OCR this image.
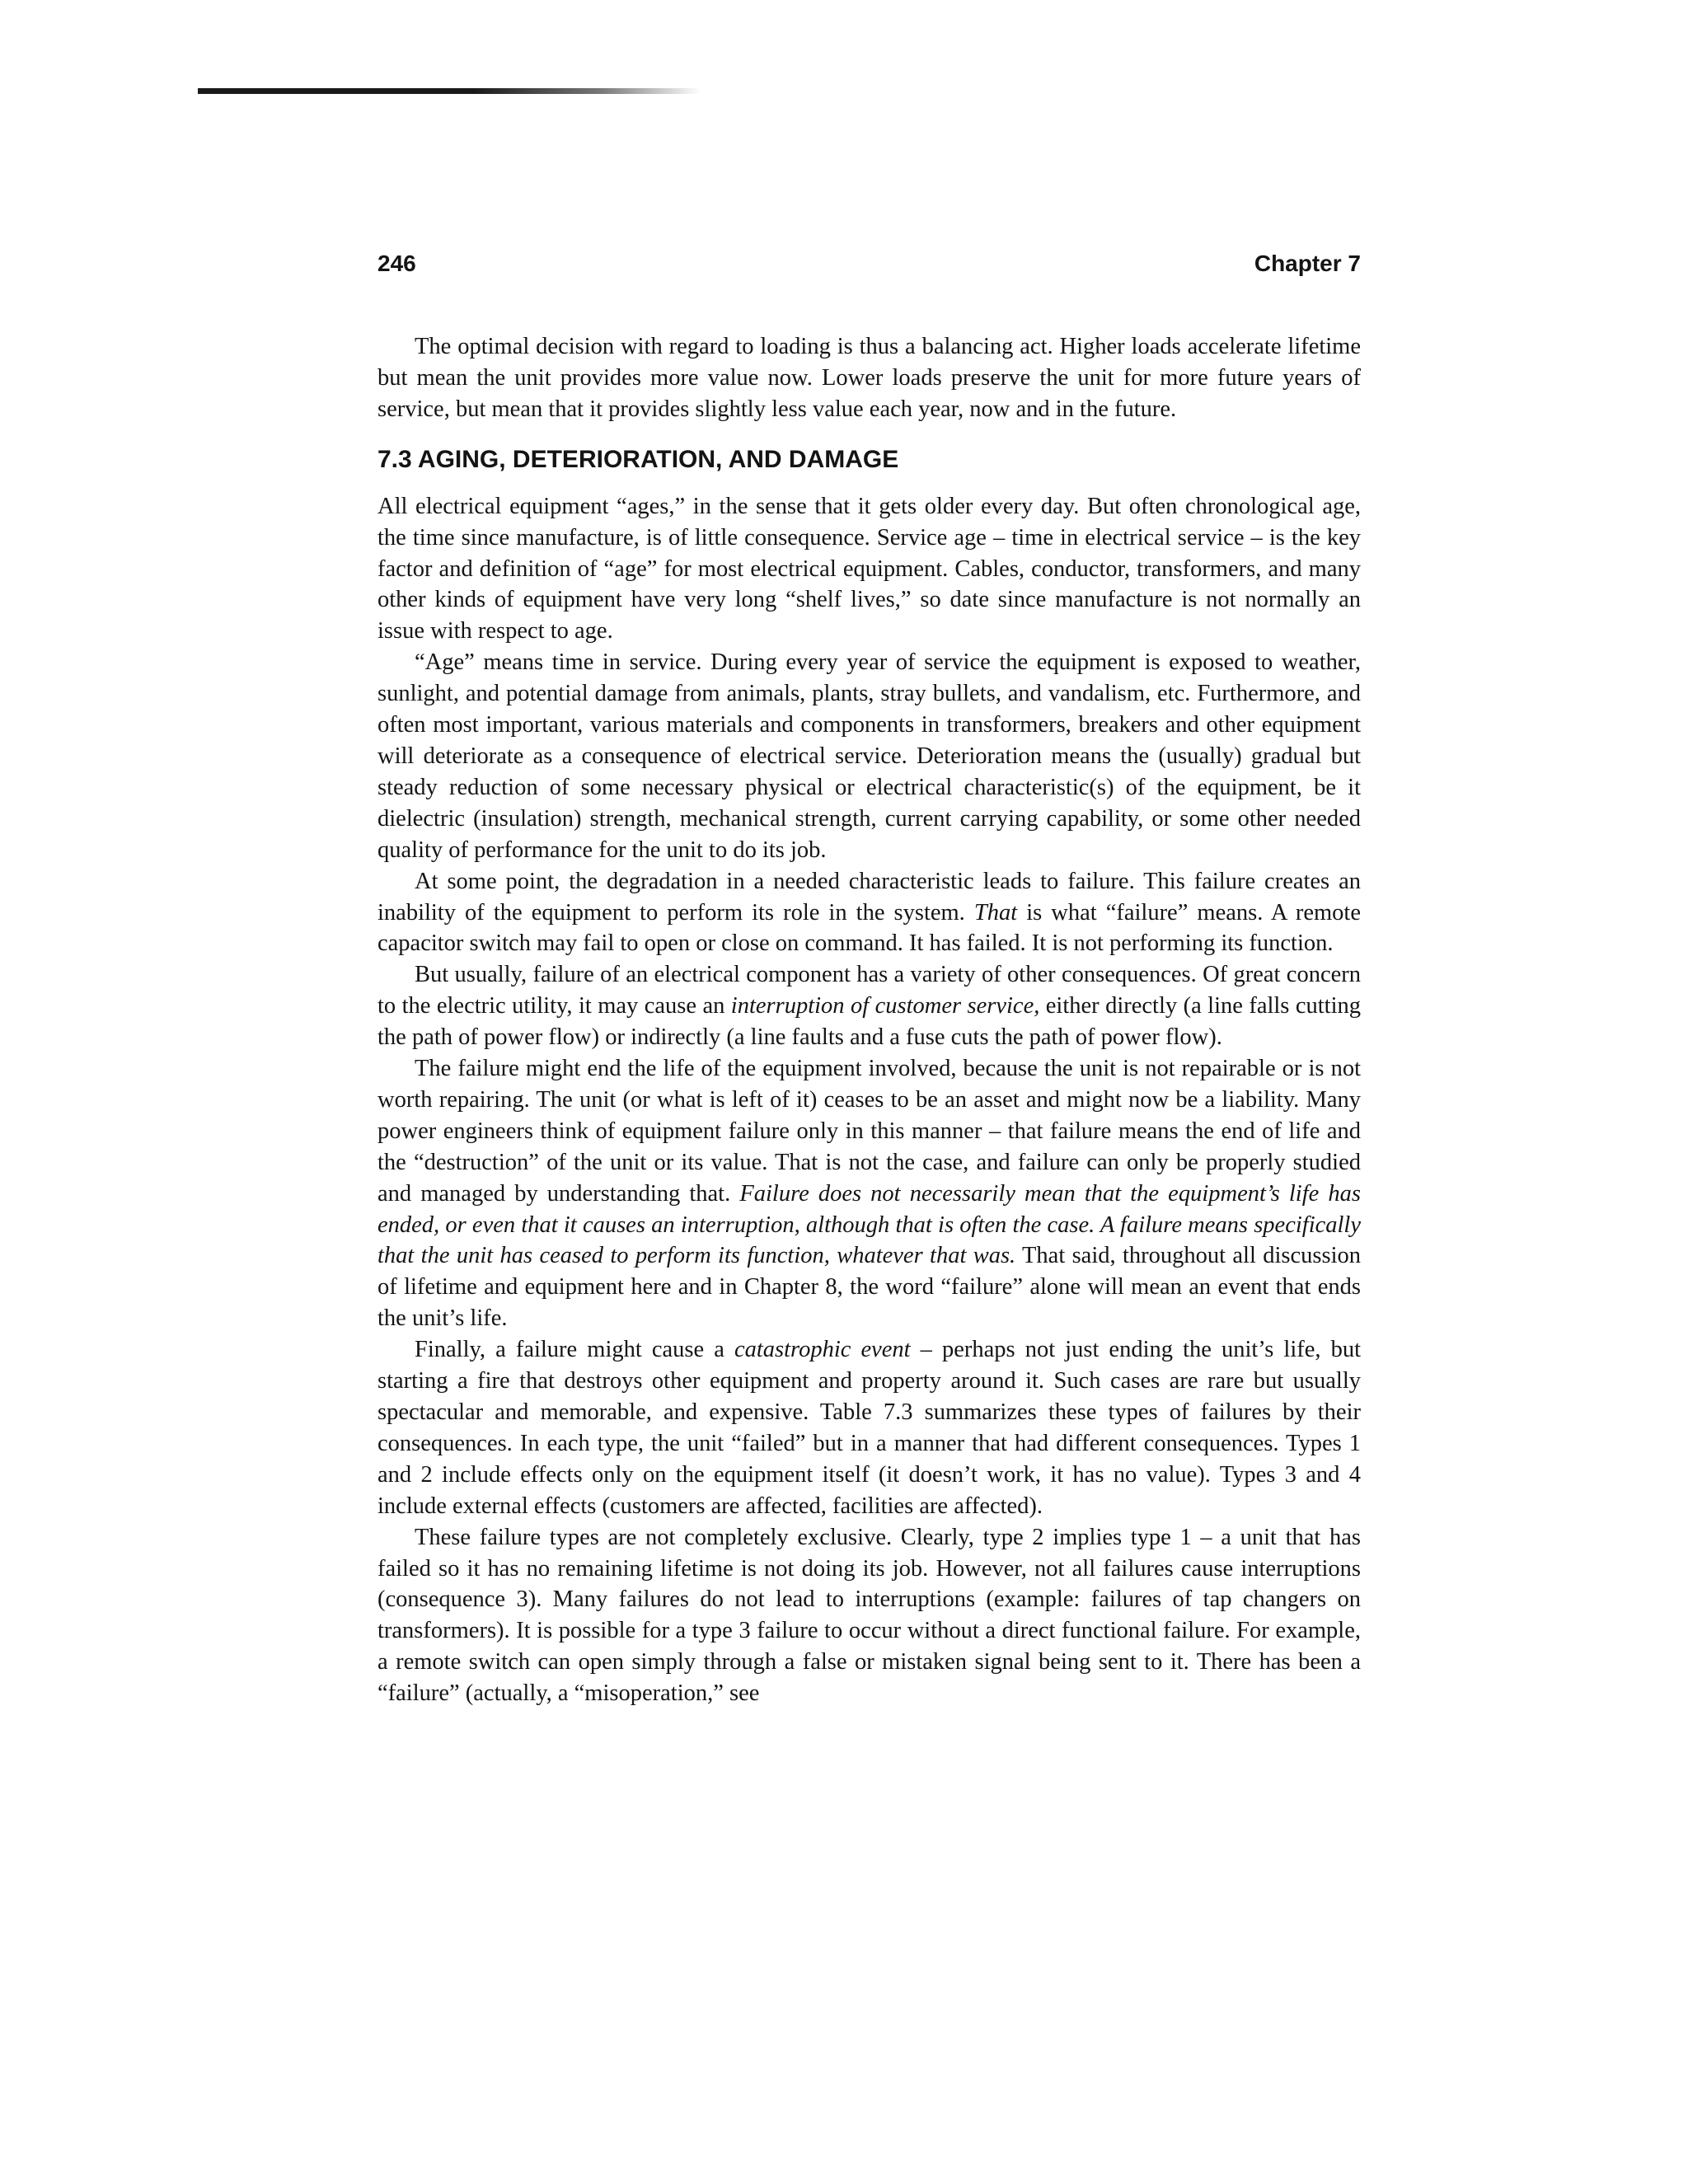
246	Chapter 7

The optimal decision with regard to loading is thus a balancing act. Higher loads accelerate lifetime but mean the unit provides more value now. Lower loads preserve the unit for more future years of service, but mean that it provides slightly less value each year, now and in the future.

7.3 AGING, DETERIORATION, AND DAMAGE

All electrical equipment “ages,” in the sense that it gets older every day. But often chronological age, the time since manufacture, is of little consequence. Service age – time in electrical service – is the key factor and definition of “age” for most electrical equipment. Cables, conductor, transformers, and many other kinds of equipment have very long “shelf lives,” so date since manufacture is not normally an issue with respect to age.

“Age” means time in service. During every year of service the equipment is exposed to weather, sunlight, and potential damage from animals, plants, stray bullets, and vandalism, etc. Furthermore, and often most important, various materials and components in transformers, breakers and other equipment will deteriorate as a consequence of electrical service. Deterioration means the (usually) gradual but steady reduction of some necessary physical or electrical characteristic(s) of the equipment, be it dielectric (insulation) strength, mechanical strength, current carrying capability, or some other needed quality of performance for the unit to do its job.

At some point, the degradation in a needed characteristic leads to failure. This failure creates an inability of the equipment to perform its role in the system. That is what “failure” means. A remote capacitor switch may fail to open or close on command. It has failed. It is not performing its function.

But usually, failure of an electrical component has a variety of other consequences. Of great concern to the electric utility, it may cause an interruption of customer service, either directly (a line falls cutting the path of power flow) or indirectly (a line faults and a fuse cuts the path of power flow).

The failure might end the life of the equipment involved, because the unit is not repairable or is not worth repairing. The unit (or what is left of it) ceases to be an asset and might now be a liability. Many power engineers think of equipment failure only in this manner – that failure means the end of life and the “destruction” of the unit or its value. That is not the case, and failure can only be properly studied and managed by understanding that. Failure does not necessarily mean that the equipment’s life has ended, or even that it causes an interruption, although that is often the case. A failure means specifically that the unit has ceased to perform its function, whatever that was. That said, throughout all discussion of lifetime and equipment here and in Chapter 8, the word “failure” alone will mean an event that ends the unit’s life.

Finally, a failure might cause a catastrophic event – perhaps not just ending the unit’s life, but starting a fire that destroys other equipment and property around it. Such cases are rare but usually spectacular and memorable, and expensive. Table 7.3 summarizes these types of failures by their consequences. In each type, the unit “failed” but in a manner that had different consequences. Types 1 and 2 include effects only on the equipment itself (it doesn’t work, it has no value). Types 3 and 4 include external effects (customers are affected, facilities are affected).

These failure types are not completely exclusive. Clearly, type 2 implies type 1 – a unit that has failed so it has no remaining lifetime is not doing its job. However, not all failures cause interruptions (consequence 3). Many failures do not lead to interruptions (example: failures of tap changers on transformers). It is possible for a type 3 failure to occur without a direct functional failure. For example, a remote switch can open simply through a false or mistaken signal being sent to it. There has been a “failure” (actually, a “misoperation,” see
